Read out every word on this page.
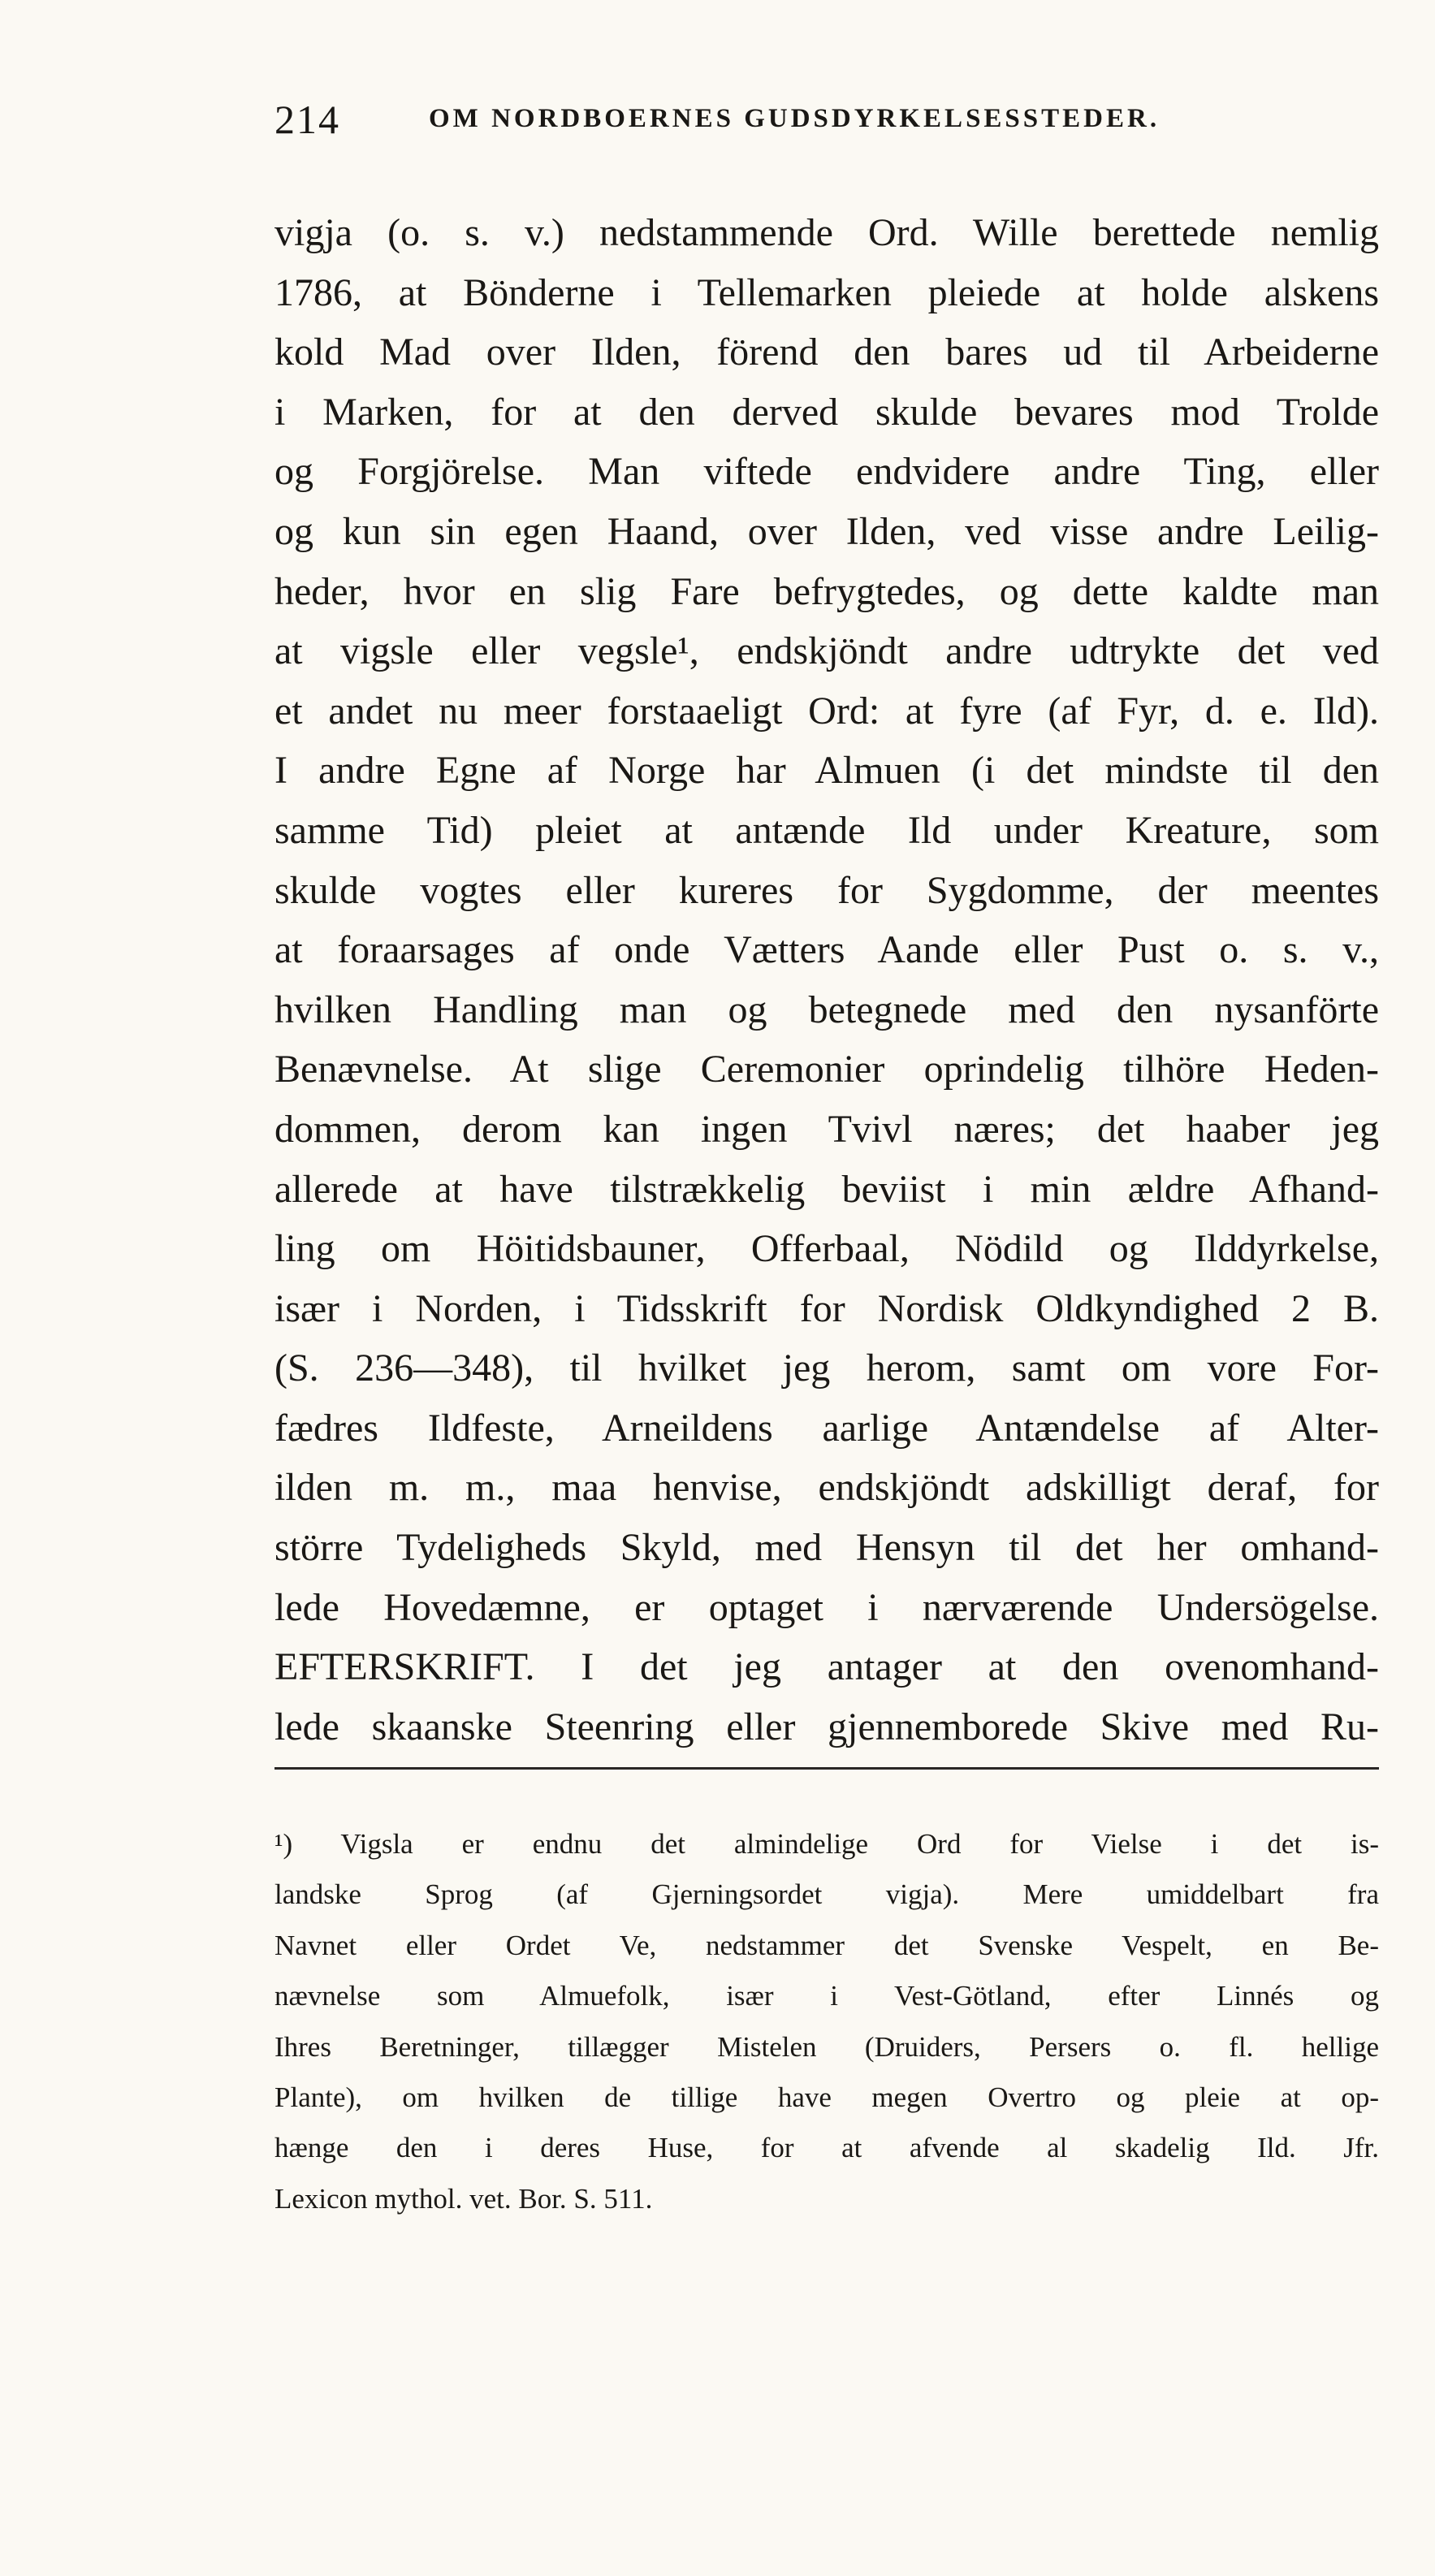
214	OM NORDBOERNES GUDSDYRKELSESSTEDER.
vigja (o. s. v.) nedstammende Ord. Wille berettede nemlig
1786, at Bönderne i Tellemarken pleiede at holde alskens
kold Mad over Ilden, förend den bares ud til Arbeiderne
i Marken, for at den derved skulde bevares mod Trolde
og Forgjörelse. Man viftede endvidere andre Ting, eller
og kun sin egen Haand, over Ilden, ved visse andre Leilig-
heder, hvor en slig Fare befrygtedes, og dette kaldte man
at vigsle eller vegsle¹, endskjöndt andre udtrykte det ved
et andet nu meer forstaaeligt Ord: at fyre (af Fyr, d. e. Ild).
I andre Egne af Norge har Almuen (i det mindste til den
samme Tid) pleiet at antænde Ild under Kreature, som
skulde vogtes eller kureres for Sygdomme, der meentes
at foraarsages af onde Vætters Aande eller Pust o. s. v.,
hvilken Handling man og betegnede med den nysanförte
Benævnelse. At slige Ceremonier oprindelig tilhöre Heden-
dommen, derom kan ingen Tvivl næres; det haaber jeg
allerede at have tilstrækkelig beviist i min ældre Afhand-
ling om Höitidsbauner, Offerbaal, Nödild og Ilddyrkelse,
især i Norden, i Tidsskrift for Nordisk Oldkyndighed 2 B.
(S. 236—348), til hvilket jeg herom, samt om vore For-
fædres Ildfeste, Arneildens aarlige Antændelse af Alter-
ilden m. m., maa henvise, endskjöndt adskilligt deraf, for
större Tydeligheds Skyld, med Hensyn til det her omhand-
lede Hovedæmne, er optaget i nærværende Undersögelse.
EFTERSKRIFT. I det jeg antager at den ovenomhand-
lede skaanske Steenring eller gjennemborede Skive med Ru-
¹) Vigsla er endnu det almindelige Ord for Vielse i det is-
landske Sprog (af Gjerningsordet vigja). Mere umiddelbart fra
Navnet eller Ordet Ve, nedstammer det Svenske Vespelt, en Be-
nævnelse som Almuefolk, især i Vest-Götland, efter Linnés og
Ihres Beretninger, tillægger Mistelen (Druiders, Persers o. fl. hellige
Plante), om hvilken de tillige have megen Overtro og pleie at op-
hænge den i deres Huse, for at afvende al skadelig Ild. Jfr.
Lexicon mythol. vet. Bor. S. 511.
